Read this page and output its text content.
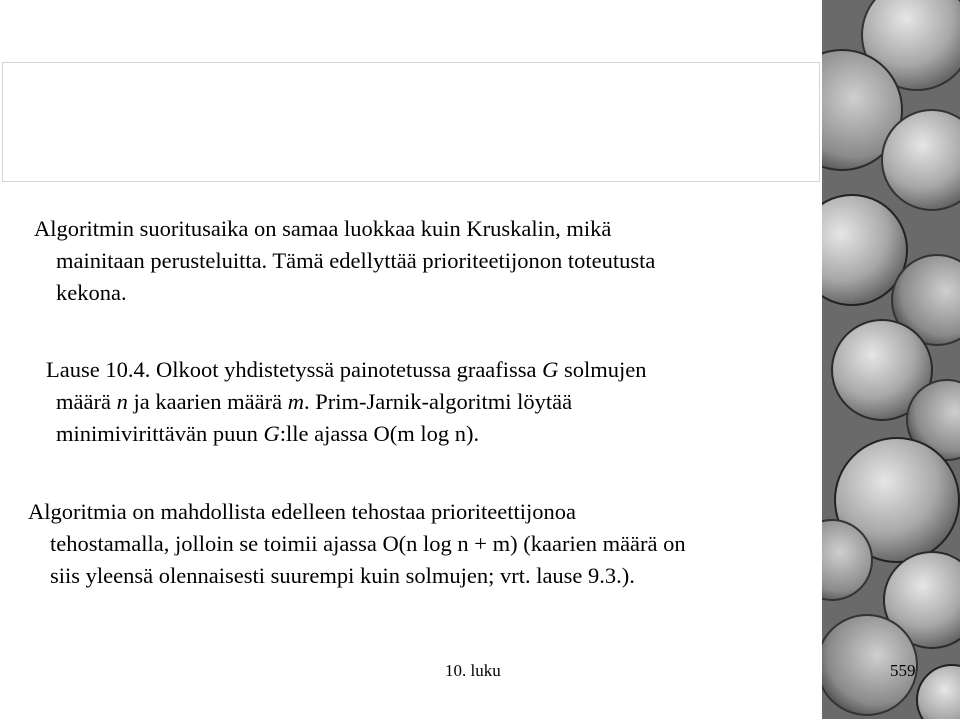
Algoritmin suoritusaika on samaa luokkaa kuin Kruskalin, mikä
mainitaan perusteluitta. Tämä edellyttää prioriteetijonon toteutusta
kekona.
Lause 10.4. Olkoot yhdistetyssä painotetussa graafissa G solmujen
määrä n ja kaarien määrä m. Prim-Jarnik-algoritmi löytää
minimivirittävän puun G:lle ajassa O(m log n).
Algoritmia on mahdollista edelleen tehostaa prioriteettijonoa
tehostamalla, jolloin se toimii ajassa O(n log n + m) (kaarien määrä on
siis yleensä olennaisesti suurempi kuin solmujen; vrt. lause 9.3.).
10. luku	559
